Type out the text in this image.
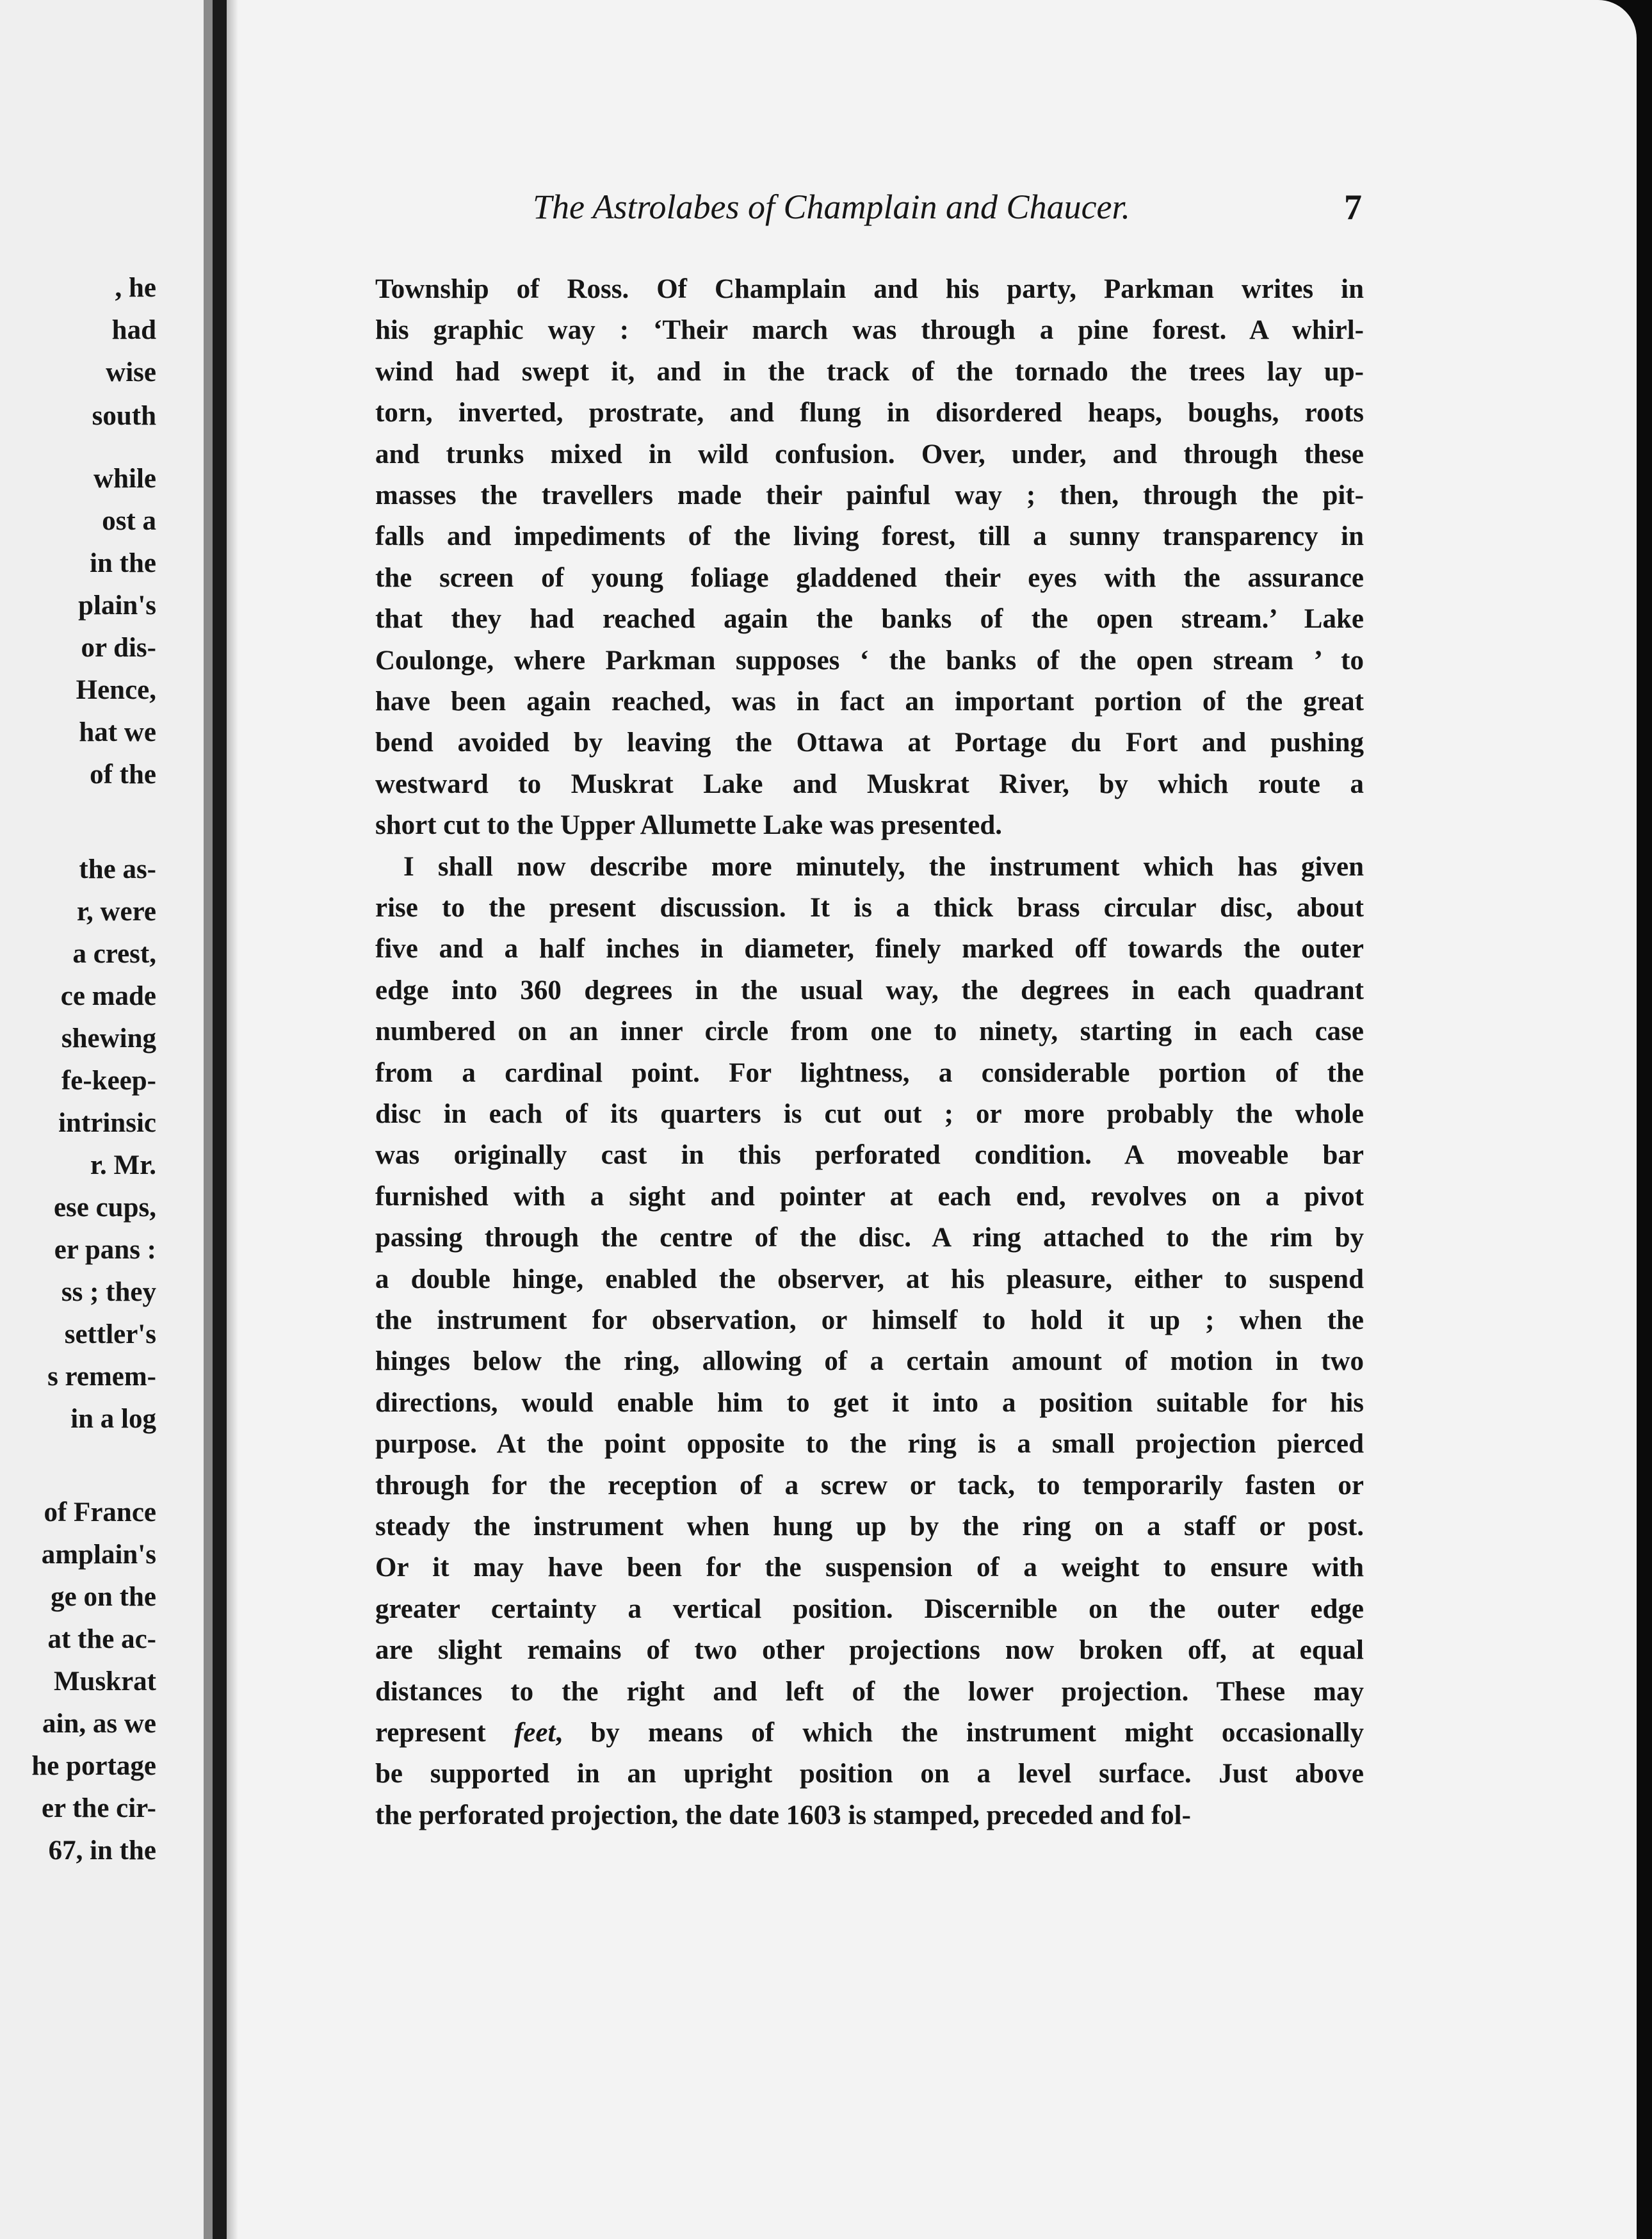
, he
had
wise
south
while
ost a
in the
plain's
or dis-
Hence,
hat we
of the
the as-
r, were
a crest,
ce made
shewing
fe-keep-
intrinsic
r. Mr.
ese cups,
er pans :
ss ; they
settler's
s remem-
in a log
of France
amplain's
ge on the
at the ac-
Muskrat
ain, as we
he portage
er the cir-
67, in the
The Astrolabes of Champlain and Chaucer.	7
Township of Ross. Of Champlain and his party, Parkman writes in
his graphic way : ‘Their march was through a pine forest. A whirl-
wind had swept it, and in the track of the tornado the trees lay up-
torn, inverted, prostrate, and flung in disordered heaps, boughs, roots
and trunks mixed in wild confusion. Over, under, and through these
masses the travellers made their painful way ; then, through the pit-
falls and impediments of the living forest, till a sunny transparency in
the screen of young foliage gladdened their eyes with the assurance
that they had reached again the banks of the open stream.’ Lake
Coulonge, where Parkman supposes ‘ the banks of the open stream ’ to
have been again reached, was in fact an important portion of the great
bend avoided by leaving the Ottawa at Portage du Fort and pushing
westward to Muskrat Lake and Muskrat River, by which route a
short cut to the Upper Allumette Lake was presented.
I shall now describe more minutely, the instrument which has given
rise to the present discussion. It is a thick brass circular disc, about
five and a half inches in diameter, finely marked off towards the outer
edge into 360 degrees in the usual way, the degrees in each quadrant
numbered on an inner circle from one to ninety, starting in each case
from a cardinal point. For lightness, a considerable portion of the
disc in each of its quarters is cut out ; or more probably the whole
was originally cast in this perforated condition. A moveable bar
furnished with a sight and pointer at each end, revolves on a pivot
passing through the centre of the disc. A ring attached to the rim by
a double hinge, enabled the observer, at his pleasure, either to suspend
the instrument for observation, or himself to hold it up ; when the
hinges below the ring, allowing of a certain amount of motion in two
directions, would enable him to get it into a position suitable for his
purpose. At the point opposite to the ring is a small projection pierced
through for the reception of a screw or tack, to temporarily fasten or
steady the instrument when hung up by the ring on a staff or post.
Or it may have been for the suspension of a weight to ensure with
greater certainty a vertical position. Discernible on the outer edge
are slight remains of two other projections now broken off, at equal
distances to the right and left of the lower projection. These may
represent feet, by means of which the instrument might occasionally
be supported in an upright position on a level surface. Just above
the perforated projection, the date 1603 is stamped, preceded and fol-
